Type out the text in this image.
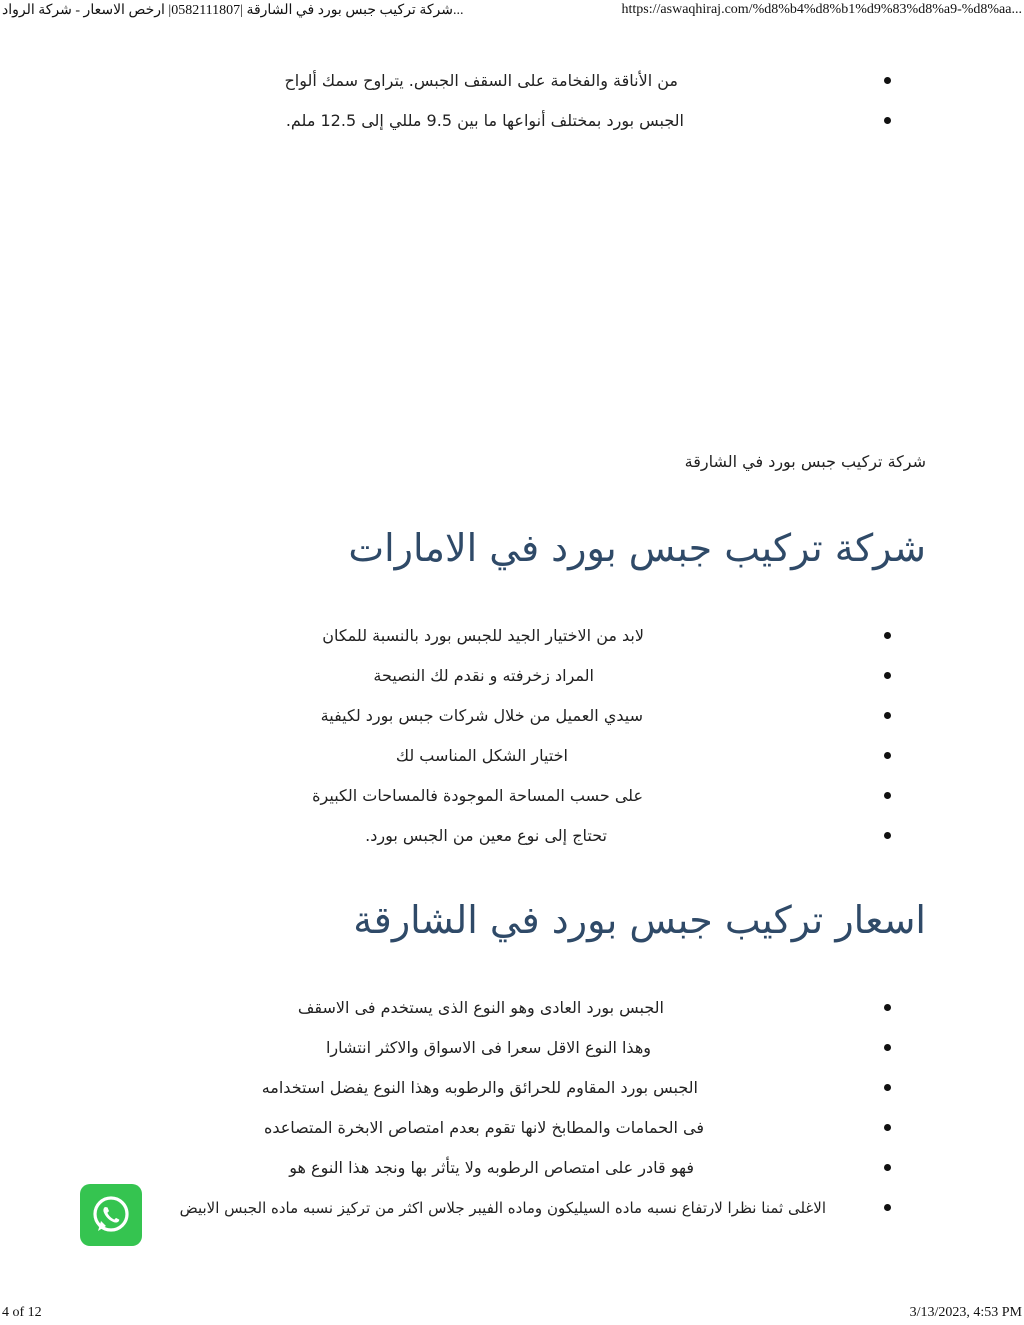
شركة تركيب جبس بورد في الشارقة |0582111807| ارخص الاسعار - شركة الرواد...	https://aswaqhiraj.com/%d8%b4%d8%b1%d9%83%d8%a9-%d8%aa...
من الأناقة والفخامة على السقف الجبس. يتراوح سمك ألواح
الجبس بورد بمختلف أنواعها ما بين 9.5 مللي إلى 12.5 ملم.
شركة تركيب جبس بورد في الشارقة
شركة تركيب جبس بورد في الامارات
لابد من الاختيار الجيد للجبس بورد بالنسبة للمكان
المراد زخرفته و نقدم لك النصيحة
سيدي العميل من خلال شركات جبس بورد لكيفية
اختيار الشكل المناسب لك
على حسب المساحة الموجودة فالمساحات الكبيرة
تحتاج إلى نوع معين من الجبس بورد.
اسعار تركيب جبس بورد في الشارقة
الجبس بورد العادى وهو النوع الذى يستخدم فى الاسقف
وهذا النوع الاقل سعرا فى الاسواق والاكثر انتشارا
الجبس بورد المقاوم للحرائق والرطوبه وهذا النوع يفضل استخدامه
فى الحمامات والمطابخ لانها تقوم بعدم امتصاص الابخرة المتصاعده
فهو قادر على امتصاص الرطوبه ولا يتأثر بها ونجد هذا النوع هو
الاغلى ثمنا نظرا لارتفاع نسبه ماده السيليكون وماده الفيبر جلاس اكثر من تركيز نسبه ماده الجبس الابيض
4 of 12	3/13/2023, 4:53 PM
